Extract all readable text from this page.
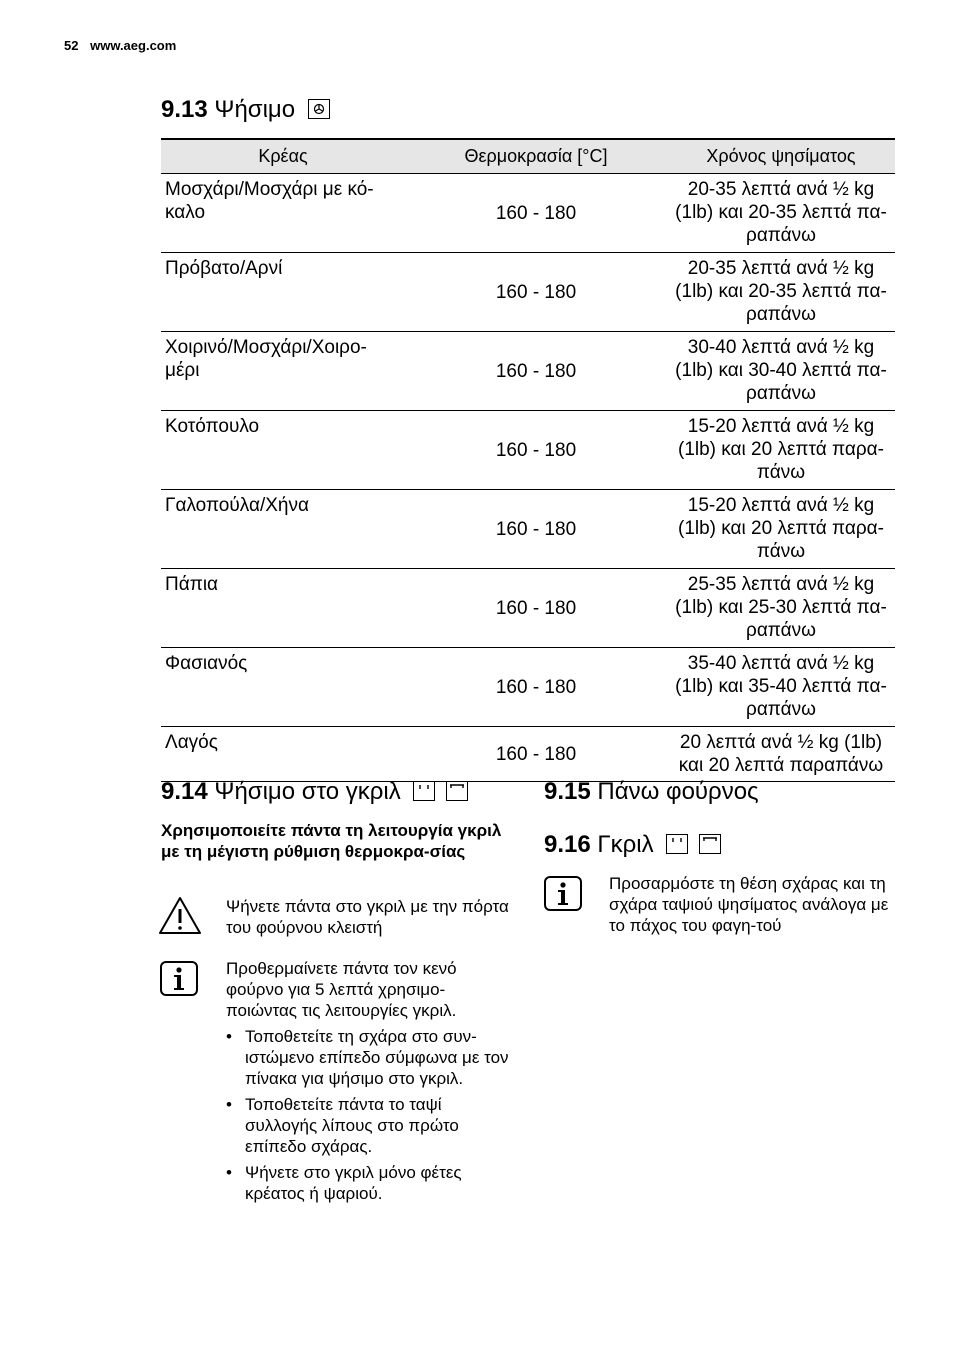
52 www.aeg.com
9.13 Ψήσιμο
Κρέας	Θερμοκρασία [°C]	Χρόνος ψησίματος
Μοσχάρι/Μοσχάρι με κό-καλο	160 - 180	20-35 λεπτά ανά ½ kg (1lb) και 20-35 λεπτά πα-ραπάνω
Πρόβατο/Αρνί	160 - 180	20-35 λεπτά ανά ½ kg (1lb) και 20-35 λεπτά πα-ραπάνω
Χοιρινό/Μοσχάρι/Χοιρο-μέρι	160 - 180	30-40 λεπτά ανά ½ kg (1lb) και 30-40 λεπτά πα-ραπάνω
Κοτόπουλο	160 - 180	15-20 λεπτά ανά ½ kg (1lb) και 20 λεπτά παρα-πάνω
Γαλοπούλα/Χήνα	160 - 180	15-20 λεπτά ανά ½ kg (1lb) και 20 λεπτά παρα-πάνω
Πάπια	160 - 180	25-35 λεπτά ανά ½ kg (1lb) και 25-30 λεπτά πα-ραπάνω
Φασιανός	160 - 180	35-40 λεπτά ανά ½ kg (1lb) και 35-40 λεπτά πα-ραπάνω
Λαγός	160 - 180	20 λεπτά ανά ½ kg (1lb) και 20 λεπτά παραπάνω
9.14 Ψήσιμο στο γκριλ

Χρησιμοποιείτε πάντα τη λειτουργία γκριλ με τη μέγιστη ρύθμιση θερμοκρα-σίας
Ψήνετε πάντα στο γκριλ με την πόρτα του φούρνου κλειστή
Προθερμαίνετε πάντα τον κενό φούρνο για 5 λεπτά χρησιμο-ποιώντας τις λειτουργίες γκριλ.
• Τοποθετείτε τη σχάρα στο συν-ιστώμενο επίπεδο σύμφωνα με τον πίνακα για ψήσιμο στο γκριλ.
• Τοποθετείτε πάντα το ταψί συλλογής λίπους στο πρώτο επίπεδο σχάρας.
• Ψήνετε στο γκριλ μόνο φέτες κρέατος ή ψαριού.
9.15 Πάνω φούρνος
9.16 Γκριλ

Προσαρμόστε τη θέση σχάρας και τη σχάρα ταψιού ψησίματος ανάλογα με το πάχος του φαγη-τού
